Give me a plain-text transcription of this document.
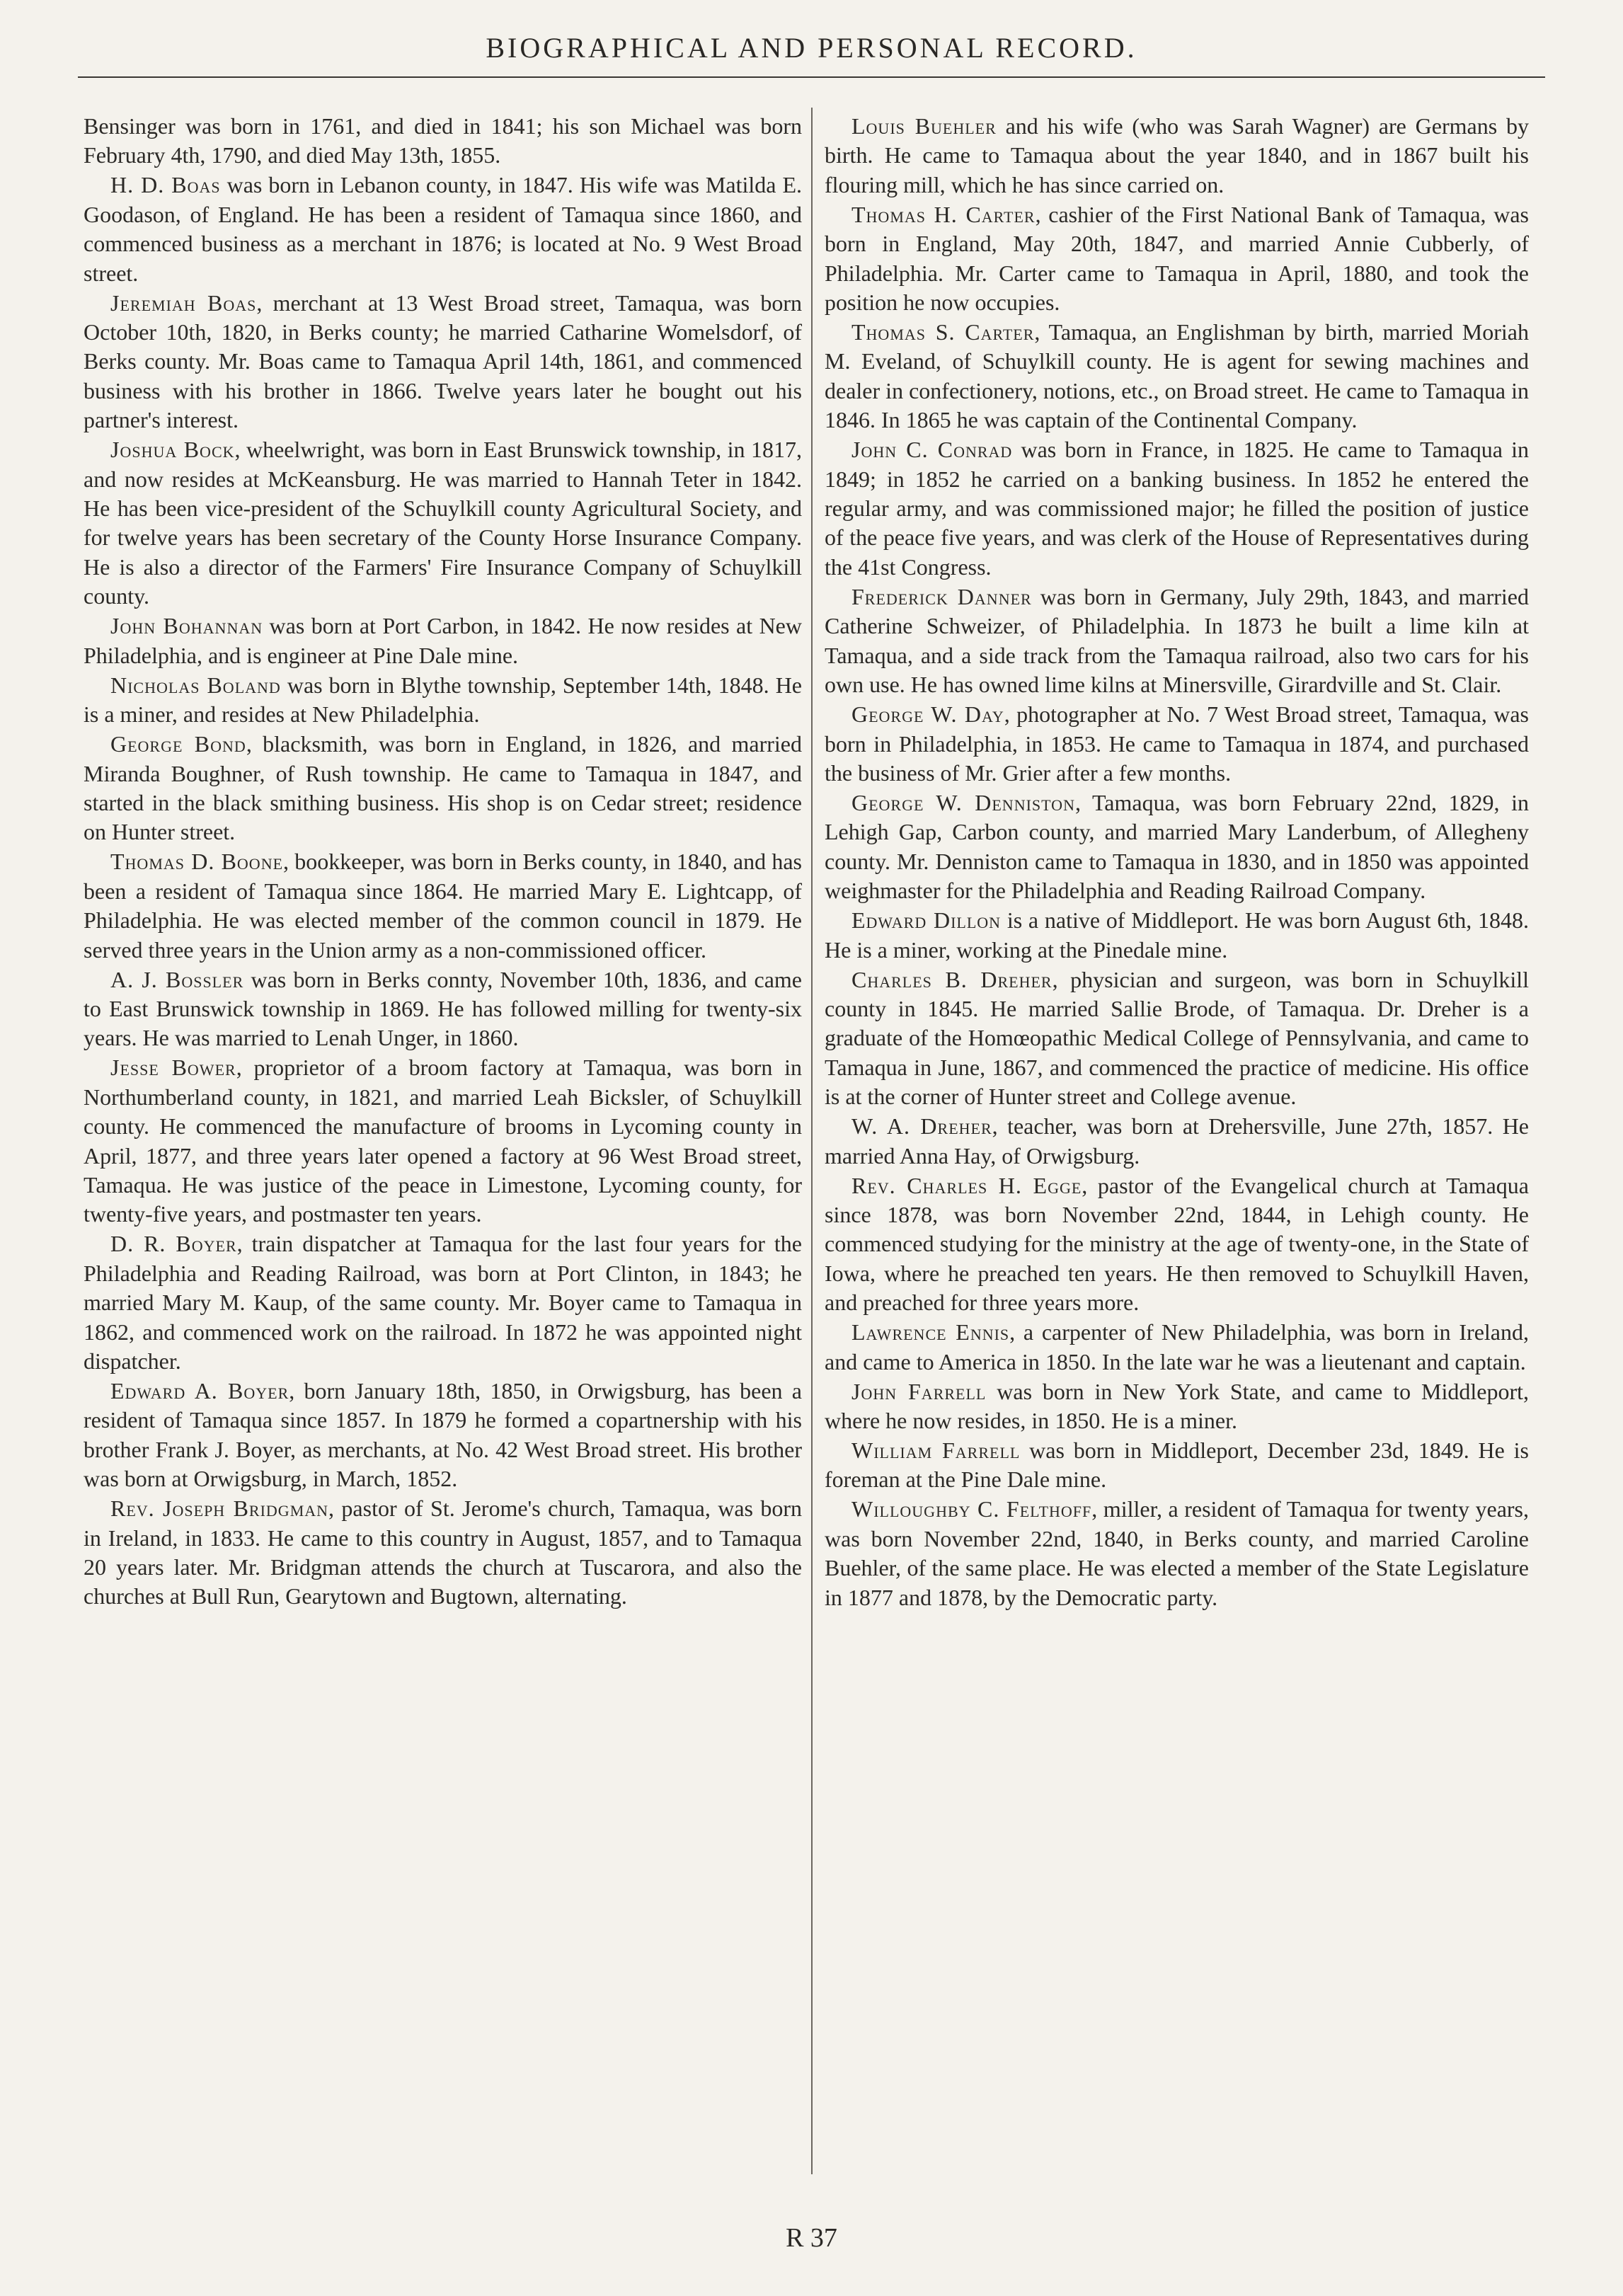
BIOGRAPHICAL AND PERSONAL RECORD.

Bensinger was born in 1761, and died in 1841; his son Michael was born February 4th, 1790, and died May 13th, 1855.

H. D. Boas was born in Lebanon county, in 1847. His wife was Matilda E. Goodason, of England. He has been a resident of Tamaqua since 1860, and commenced business as a merchant in 1876; is located at No. 9 West Broad street.

Jeremiah Boas, merchant at 13 West Broad street, Tamaqua, was born October 10th, 1820, in Berks county; he married Catharine Womelsdorf, of Berks county. Mr. Boas came to Tamaqua April 14th, 1861, and commenced business with his brother in 1866. Twelve years later he bought out his partner's interest.

Joshua Bock, wheelwright, was born in East Brunswick township, in 1817, and now resides at McKeansburg. He was married to Hannah Teter in 1842. He has been vice-president of the Schuylkill county Agricultural Society, and for twelve years has been secretary of the County Horse Insurance Company. He is also a director of the Farmers' Fire Insurance Company of Schuylkill county.

John Bohannan was born at Port Carbon, in 1842. He now resides at New Philadelphia, and is engineer at Pine Dale mine.

Nicholas Boland was born in Blythe township, September 14th, 1848. He is a miner, and resides at New Philadelphia.

George Bond, blacksmith, was born in England, in 1826, and married Miranda Boughner, of Rush township. He came to Tamaqua in 1847, and started in the black smithing business. His shop is on Cedar street; residence on Hunter street.

Thomas D. Boone, bookkeeper, was born in Berks county, in 1840, and has been a resident of Tamaqua since 1864. He married Mary E. Lightcapp, of Philadelphia. He was elected member of the common council in 1879. He served three years in the Union army as a non-commissioned officer.

A. J. Bossler was born in Berks connty, November 10th, 1836, and came to East Brunswick township in 1869. He has followed milling for twenty-six years. He was married to Lenah Unger, in 1860.

Jesse Bower, proprietor of a broom factory at Tamaqua, was born in Northumberland county, in 1821, and married Leah Bicksler, of Schuylkill county. He commenced the manufacture of brooms in Lycoming county in April, 1877, and three years later opened a factory at 96 West Broad street, Tamaqua. He was justice of the peace in Limestone, Lycoming county, for twenty-five years, and postmaster ten years.

D. R. Boyer, train dispatcher at Tamaqua for the last four years for the Philadelphia and Reading Railroad, was born at Port Clinton, in 1843; he married Mary M. Kaup, of the same county. Mr. Boyer came to Tamaqua in 1862, and commenced work on the railroad. In 1872 he was appointed night dispatcher.

Edward A. Boyer, born January 18th, 1850, in Orwigsburg, has been a resident of Tamaqua since 1857. In 1879 he formed a copartnership with his brother Frank J. Boyer, as merchants, at No. 42 West Broad street. His brother was born at Orwigsburg, in March, 1852.

Rev. Joseph Bridgman, pastor of St. Jerome's church, Tamaqua, was born in Ireland, in 1833. He came to this country in August, 1857, and to Tamaqua 20 years later. Mr. Bridgman attends the church at Tuscarora, and also the churches at Bull Run, Gearytown and Bugtown, alternating.

Louis Buehler and his wife (who was Sarah Wagner) are Germans by birth. He came to Tamaqua about the year 1840, and in 1867 built his flouring mill, which he has since carried on.

Thomas H. Carter, cashier of the First National Bank of Tamaqua, was born in England, May 20th, 1847, and married Annie Cubberly, of Philadelphia. Mr. Carter came to Tamaqua in April, 1880, and took the position he now occupies.

Thomas S. Carter, Tamaqua, an Englishman by birth, married Moriah M. Eveland, of Schuylkill county. He is agent for sewing machines and dealer in confectionery, notions, etc., on Broad street. He came to Tamaqua in 1846. In 1865 he was captain of the Continental Company.

John C. Conrad was born in France, in 1825. He came to Tamaqua in 1849; in 1852 he carried on a banking business. In 1852 he entered the regular army, and was commissioned major; he filled the position of justice of the peace five years, and was clerk of the House of Representatives during the 41st Congress.

Frederick Danner was born in Germany, July 29th, 1843, and married Catherine Schweizer, of Philadelphia. In 1873 he built a lime kiln at Tamaqua, and a side track from the Tamaqua railroad, also two cars for his own use. He has owned lime kilns at Minersville, Girardville and St. Clair.

George W. Day, photographer at No. 7 West Broad street, Tamaqua, was born in Philadelphia, in 1853. He came to Tamaqua in 1874, and purchased the business of Mr. Grier after a few months.

George W. Denniston, Tamaqua, was born February 22nd, 1829, in Lehigh Gap, Carbon county, and married Mary Landerbum, of Allegheny county. Mr. Denniston came to Tamaqua in 1830, and in 1850 was appointed weighmaster for the Philadelphia and Reading Railroad Company.

Edward Dillon is a native of Middleport. He was born August 6th, 1848. He is a miner, working at the Pinedale mine.

Charles B. Dreher, physician and surgeon, was born in Schuylkill county in 1845. He married Sallie Brode, of Tamaqua. Dr. Dreher is a graduate of the Homœopathic Medical College of Pennsylvania, and came to Tamaqua in June, 1867, and commenced the practice of medicine. His office is at the corner of Hunter street and College avenue.

W. A. Dreher, teacher, was born at Drehersville, June 27th, 1857. He married Anna Hay, of Orwigsburg.

Rev. Charles H. Egge, pastor of the Evangelical church at Tamaqua since 1878, was born November 22nd, 1844, in Lehigh county. He commenced studying for the ministry at the age of twenty-one, in the State of Iowa, where he preached ten years. He then removed to Schuylkill Haven, and preached for three years more.

Lawrence Ennis, a carpenter of New Philadelphia, was born in Ireland, and came to America in 1850. In the late war he was a lieutenant and captain.

John Farrell was born in New York State, and came to Middleport, where he now resides, in 1850. He is a miner.

William Farrell was born in Middleport, December 23d, 1849. He is foreman at the Pine Dale mine.

Willoughby C. Felthoff, miller, a resident of Tamaqua for twenty years, was born November 22nd, 1840, in Berks county, and married Caroline Buehler, of the same place. He was elected a member of the State Legislature in 1877 and 1878, by the Democratic party.

R 37
